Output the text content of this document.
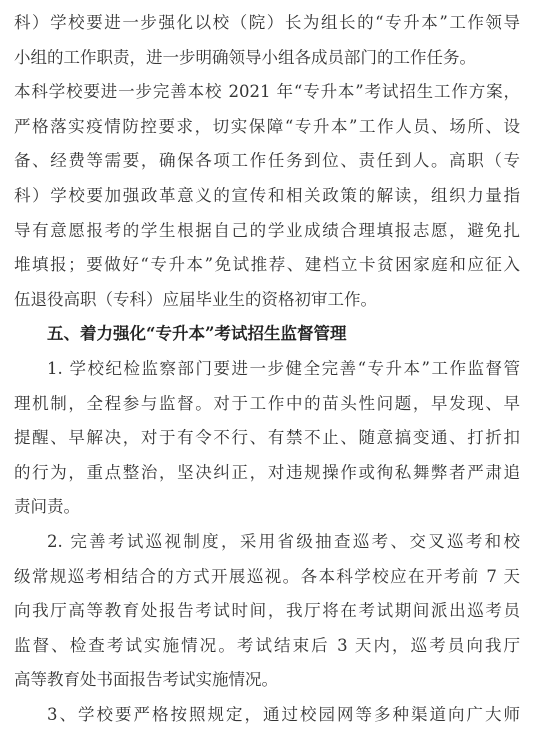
科）学校要进一步强化以校（院）长为组长的“专升本”工作领导
小组的工作职责，进一步明确领导小组各成员部门的工作任务。
本科学校要进一步完善本校 2021 年“专升本”考试招生工作方案，
严格落实疫情防控要求，切实保障“专升本”工作人员、场所、设
备、经费等需要，确保各项工作任务到位、责任到人。高职（专
科）学校要加强政革意义的宣传和相关政策的解读，组织力量指
导有意愿报考的学生根据自己的学业成绩合理填报志愿，避免扎
堆填报；要做好“专升本”免试推荐、建档立卡贫困家庭和应征入
伍退役高职（专科）应届毕业生的资格初审工作。
五、着力强化“专升本”考试招生监督管理
1. 学校纪检监察部门要进一步健全完善“专升本”工作监督管
理机制，全程参与监督。对于工作中的苗头性问题，早发现、早
提醒、早解决，对于有令不行、有禁不止、随意搞变通、打折扣
的行为，重点整治，坚决纠正，对违规操作或徇私舞弊者严肃追
责问责。
2. 完善考试巡视制度，采用省级抽查巡考、交叉巡考和校
级常规巡考相结合的方式开展巡视。各本科学校应在开考前 7 天
向我厅高等教育处报告考试时间，我厅将在考试期间派出巡考员
监督、检查考试实施情况。考试结束后 3 天内，巡考员向我厅
高等教育处书面报告考试实施情况。
3、学校要严格按照规定，通过校园网等多种渠道向广大师
